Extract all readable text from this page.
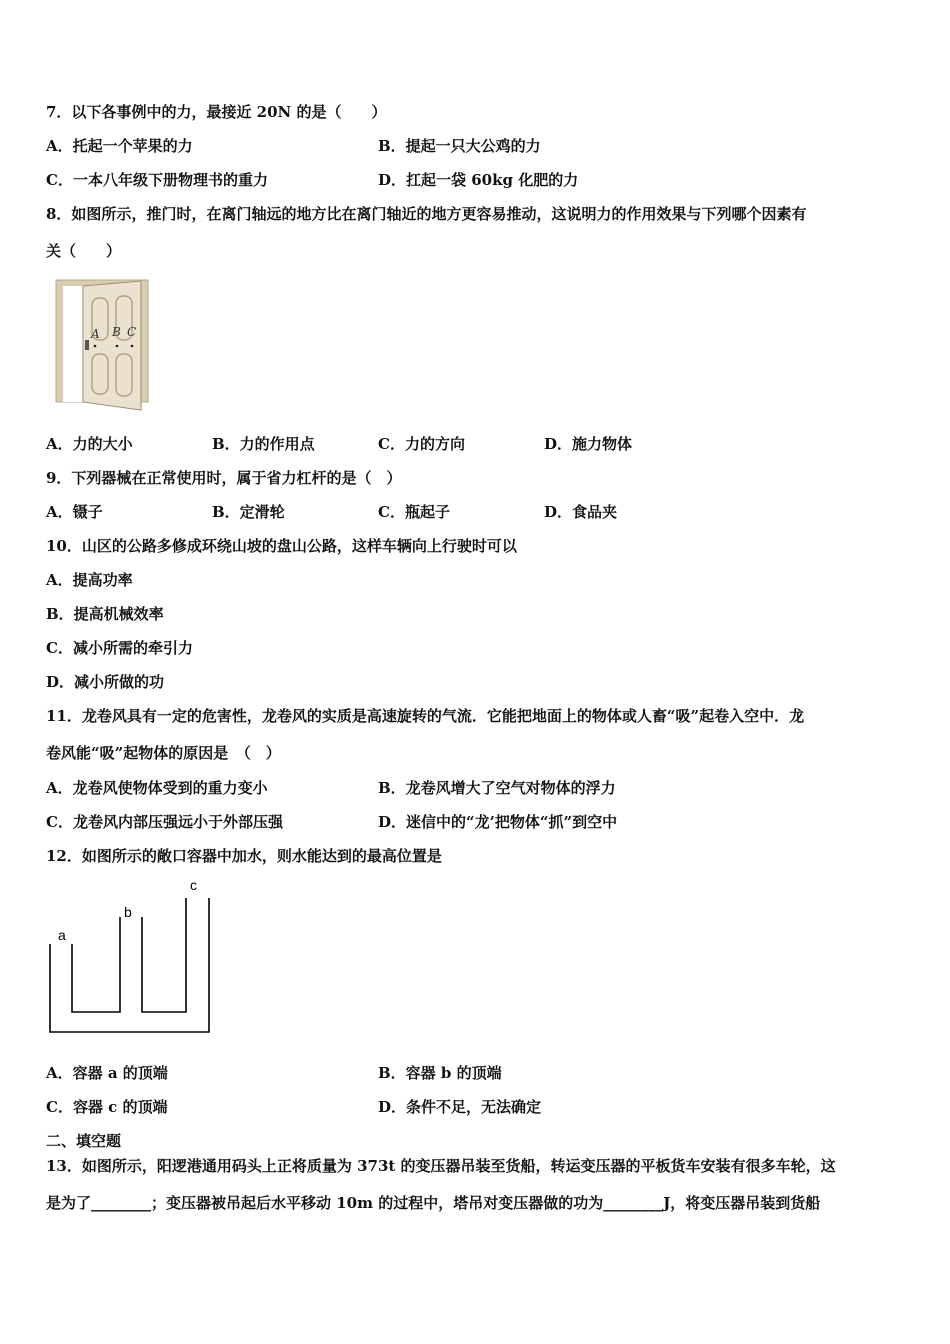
7．以下各事例中的力，最接近 20N 的是（　　）
A．托起一个苹果的力	B．提起一只大公鸡的力
C．一本八年级下册物理书的重力	D．扛起一袋 60kg 化肥的力
8．如图所示，推门时，在离门轴远的地方比在离门轴近的地方更容易推动，这说明力的作用效果与下列哪个因素有
关（　　）
A B C
A．力的大小	B．力的作用点	C．力的方向	D．施力物体
9．下列器械在正常使用时，属于省力杠杆的是（　）
A．镊子	B．定滑轮	C．瓶起子	D．食品夹
10．山区的公路多修成环绕山坡的盘山公路，这样车辆向上行驶时可以
A．提高功率
B．提高机械效率
C．减小所需的牵引力
D．减小所做的功
11．龙卷风具有一定的危害性，龙卷风的实质是高速旋转的气流．它能把地面上的物体或人畜“吸”起卷入空中．龙
卷风能“吸”起物体的原因是　（　）
A．龙卷风使物体受到的重力变小	B．龙卷风增大了空气对物体的浮力
C．龙卷风内部压强远小于外部压强	D．迷信中的“龙’把物体“抓”到空中
12．如图所示的敞口容器中加水，则水能达到的最高位置是
a
b
c
A．容器 a 的顶端	B．容器 b 的顶端
C．容器 c 的顶端	D．条件不足，无法确定
二、填空题
13．如图所示，阳逻港通用码头上正将质量为 373t 的变压器吊装至货船，转运变压器的平板货车安装有很多车轮，这
是为了________；变压器被吊起后水平移动 10m 的过程中，塔吊对变压器做的功为________J，将变压器吊装到货船
